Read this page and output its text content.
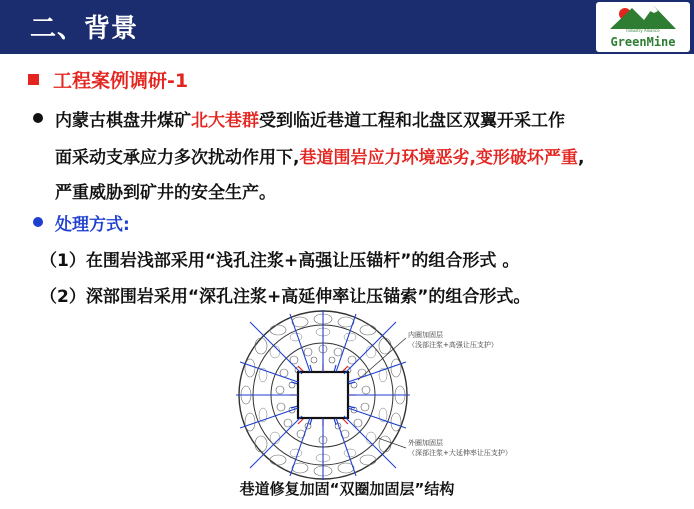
二、背景	Industry Alliance
GreenMine
工程案例调研-1
内蒙古棋盘井煤矿北大巷群受到临近巷道工程和北盘区双翼开采工作
面采动支承应力多次扰动作用下,巷道围岩应力环境恶劣,变形破坏严重,
严重威胁到矿井的安全生产。
处理方式:
（1）在围岩浅部采用“浅孔注浆+高强让压锚杆”的组合形式 。
（2）深部围岩采用“深孔注浆+高延伸率让压锚索”的组合形式。
内圈加固层
（浅部注浆+高强让压支护）
外圈加固层
（深部注浆+大延伸率让压支护）
巷道修复加固“双圈加固层”结构
